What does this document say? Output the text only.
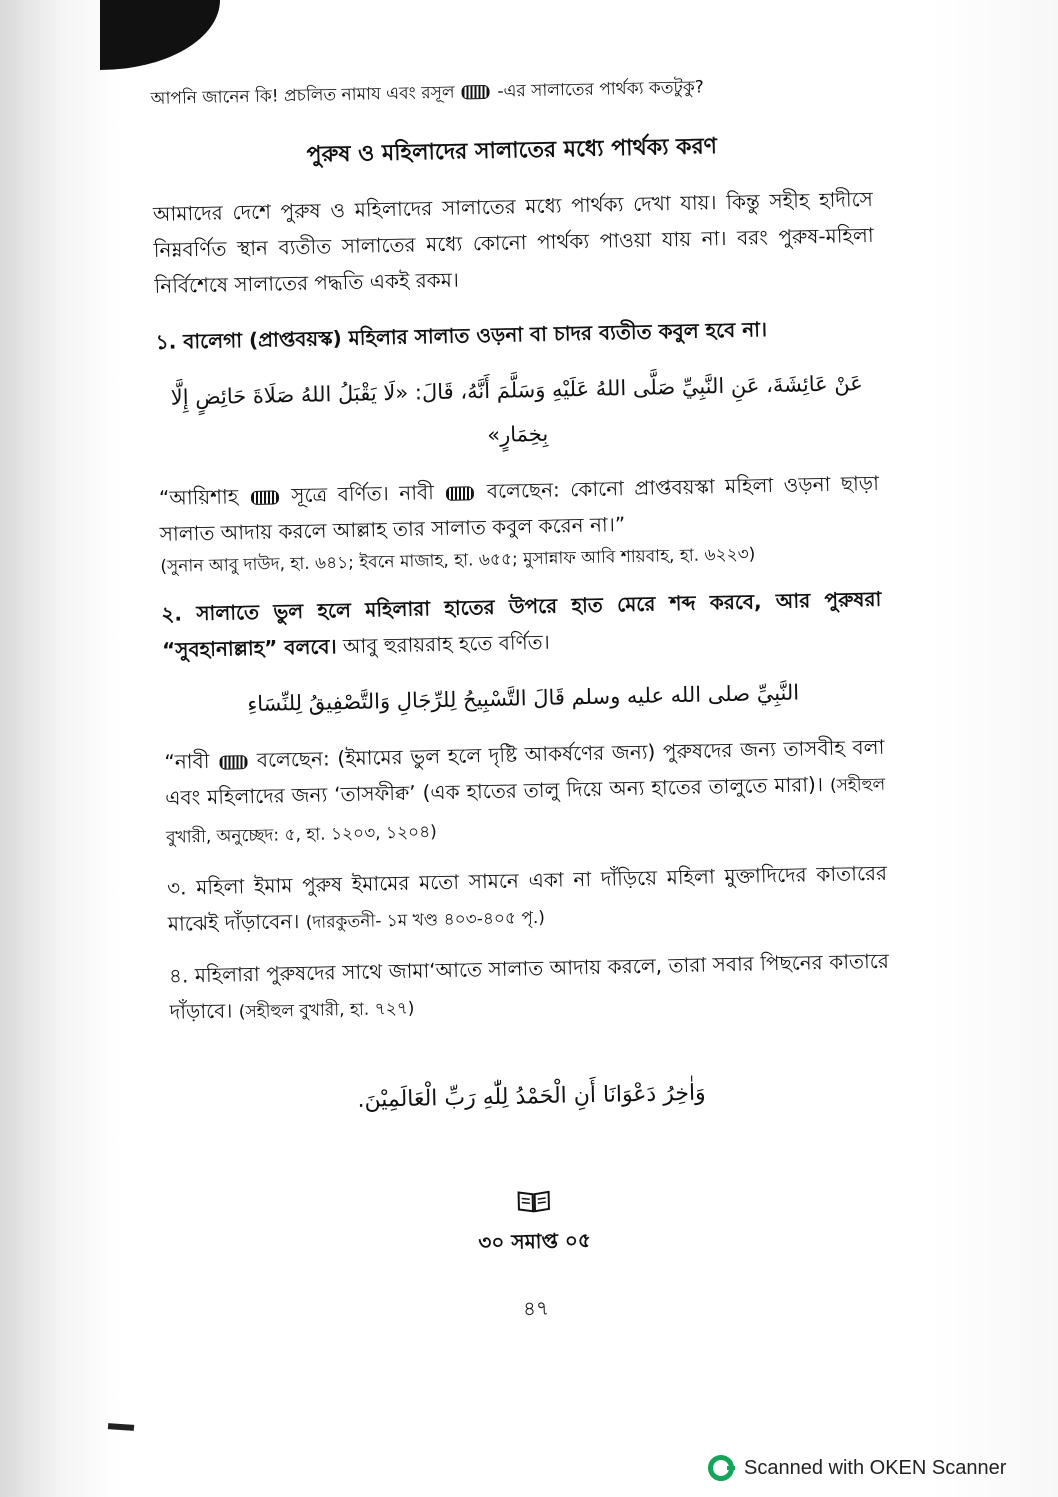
আপনি জানেন কি! প্রচলিত নামায এবং রসূল -এর সালাতের পার্থক্য কতটুকু?
পুরুষ ও মহিলাদের সালাতের মধ্যে পার্থক্য করণ

আমাদের দেশে পুরুষ ও মহিলাদের সালাতের মধ্যে পার্থক্য দেখা যায়। কিন্তু সহীহ হাদীসে নিম্নবর্ণিত স্থান ব্যতীত সালাতের মধ্যে কোনো পার্থক্য পাওয়া যায় না। বরং পুরুষ-মহিলা নির্বিশেষে সালাতের পদ্ধতি একই রকম।

১. বালেগা (প্রাপ্তবয়স্ক) মহিলার সালাত ওড়না বা চাদর ব্যতীত কবুল হবে না।

عَنْ عَائِشَةَ، عَنِ النَّبِيِّ صَلَّى اللهُ عَلَيْهِ وَسَلَّمَ أَنَّهُ، قَالَ: «لَا يَقْبَلُ اللهُ صَلَاةَ حَائِضٍ إِلَّا بِخِمَارٍ»

“আয়িশাহ	সূত্রে বর্ণিত। নাবী	বলেছেন: কোনো প্রাপ্তবয়স্কা মহিলা ওড়না ছাড়া সালাত আদায় করলে আল্লাহ তার সালাত কবুল করেন না।”

(সুনান আবু দাউদ, হা. ৬৪১; ইবনে মাজাহ, হা. ৬৫৫; মুসান্নাফ আবি শায়বাহ, হা. ৬২২৩)

২. সালাতে ভুল হলে মহিলারা হাতের উপরে হাত মেরে শব্দ করবে, আর পুরুষরা “সুবহানাল্লাহ” বলবে। আবু হুরায়রাহ হতে বর্ণিত।

النَّبِيِّ صلى الله عليه وسلم قَالَ التَّسْبِيحُ لِلرِّجَالِ وَالتَّصْفِيقُ لِلنِّسَاءِ

“নাবী বলেছেন: (ইমামের ভুল হলে দৃষ্টি আকর্ষণের জন্য) পুরুষদের জন্য তাসবীহ বলা এবং মহিলাদের জন্য ‘তাসফীক্ব’ (এক হাতের তালু দিয়ে অন্য হাতের তালুতে মারা)। (সহীহুল বুখারী, অনুচ্ছেদ: ৫, হা. ১২০৩, ১২০৪)

৩. মহিলা ইমাম পুরুষ ইমামের মতো সামনে একা না দাঁড়িয়ে মহিলা মুক্তাদিদের কাতারের মাঝেই দাঁড়াবেন। (দারকুতনী- ১ম খণ্ড ৪০৩-৪০৫ পৃ.)

৪. মহিলারা পুরুষদের সাথে জামা‘আতে সালাত আদায় করলে, তারা সবার পিছনের কাতারে দাঁড়াবে। (সহীহুল বুখারী, হা. ৭২৭)

وَاٰخِرُ دَعْوَانَا أَنِ الْحَمْدُ لِلّٰهِ رَبِّ الْعَالَمِيْنَ.
৩০ সমাপ্ত ০৫
৪৭
Scanned with OKEN Scanner
